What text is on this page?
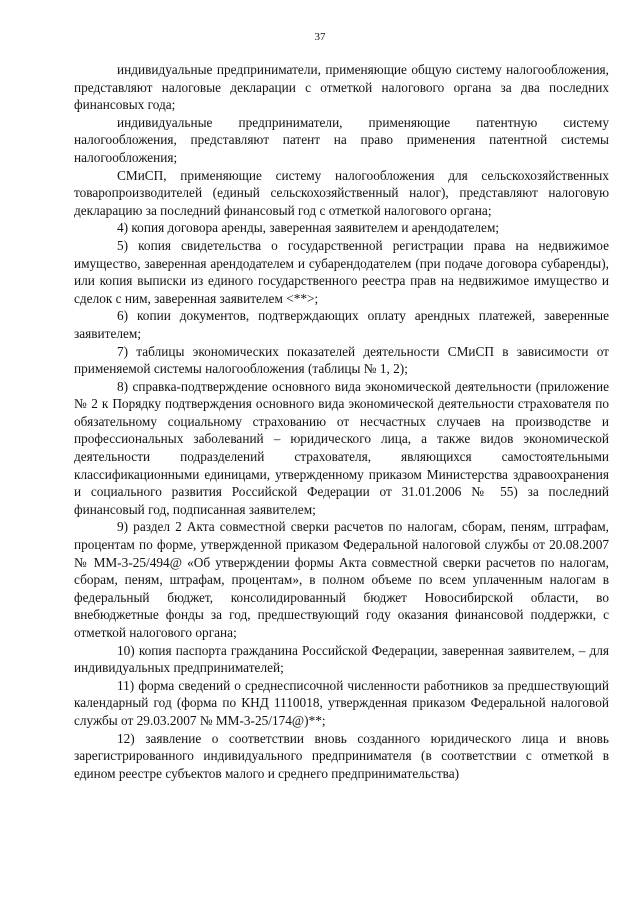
37

индивидуальные предприниматели, применяющие общую систему налогообложения, представляют налоговые декларации с отметкой налогового органа за два последних финансовых года;

индивидуальные предприниматели, применяющие патентную систему налогообложения, представляют патент на право применения патентной системы налогообложения;

СМиСП, применяющие систему налогообложения для сельскохозяйственных товаропроизводителей (единый сельскохозяйственный налог), представляют налоговую декларацию за последний финансовый год с отметкой налогового органа;

4) копия договора аренды, заверенная заявителем и арендодателем;

5) копия свидетельства о государственной регистрации права на недвижимое имущество, заверенная арендодателем и субарендодателем (при подаче договора субаренды), или копия выписки из единого государственного реестра прав на недвижимое имущество и сделок с ним, заверенная заявителем <**>;

6) копии документов, подтверждающих оплату арендных платежей, заверенные заявителем;

7) таблицы экономических показателей деятельности СМиСП в зависимости от применяемой системы налогообложения (таблицы № 1, 2);

8) справка-подтверждение основного вида экономической деятельности (приложение № 2 к Порядку подтверждения основного вида экономической деятельности страхователя по обязательному социальному страхованию от несчастных случаев на производстве и профессиональных заболеваний – юридического лица, а также видов экономической деятельности подразделений страхователя, являющихся самостоятельными классификационными единицами, утвержденному приказом Министерства здравоохранения и социального развития Российской Федерации от 31.01.2006 № 55) за последний финансовый год, подписанная заявителем;

9) раздел 2 Акта совместной сверки расчетов по налогам, сборам, пеням, штрафам, процентам по форме, утвержденной приказом Федеральной налоговой службы от 20.08.2007 № ММ-3-25/494@ «Об утверждении формы Акта совместной сверки расчетов по налогам, сборам, пеням, штрафам, процентам», в полном объеме по всем уплаченным налогам в федеральный бюджет, консолидированный бюджет Новосибирской области, во внебюджетные фонды за год, предшествующий году оказания финансовой поддержки, с отметкой налогового органа;

10) копия паспорта гражданина Российской Федерации, заверенная заявителем, – для индивидуальных предпринимателей;

11) форма сведений о среднесписочной численности работников за предшествующий календарный год (форма по КНД 1110018, утвержденная приказом Федеральной налоговой службы от 29.03.2007 № ММ-3-25/174@)**;

12) заявление о соответствии вновь созданного юридического лица и вновь зарегистрированного индивидуального предпринимателя (в соответствии с отметкой в едином реестре субъектов малого и среднего предпринимательства)
